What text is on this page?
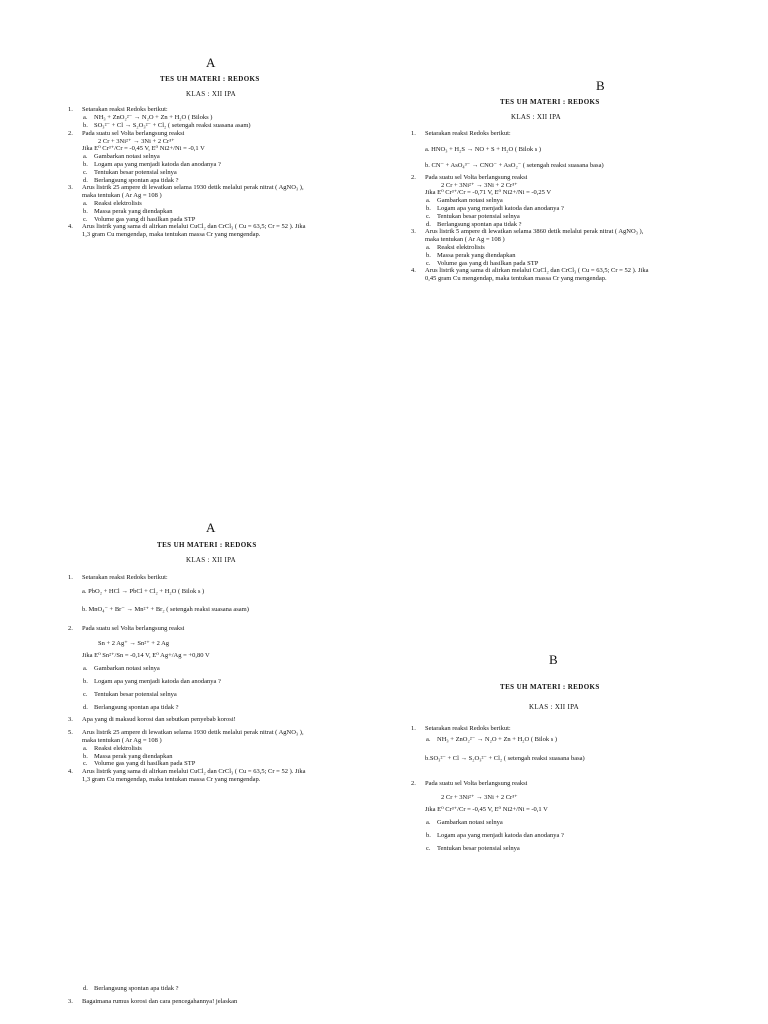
A

TES UH MATERI : REDOKS

KLAS : XII IPA

1. Setarakan reaksi Redoks berikut:

a. NH₃ + ZnO₂²⁻ → N₂O + Zn + H₂O ( Biloks )

b. SO₃²⁻ + Cl → S₂O₃²⁻ + Cl₂ ( setengah reaksi suasana asam)

2. Pada suatu sel Volta berlangsung reaksi

2 Cr + 3Ni²⁺ → 3Ni + 2 Cr³⁺

Jika E⁰ Cr³⁺/Cr = -0,45 V, E⁰ Ni2+/Ni = -0,1 V

a. Gambarkan notasi selnya

b. Logam apa yang menjadi katoda dan anodanya ?

c. Tentukan besar potensial selnya

d. Berlangsung spontan apa tidak ?

3. Arus listrik 25 ampere di lewatkan selama 1930 detik melalui perak nitrat ( AgNO₃ ),

maka tentukan ( Ar Ag = 108 )

a. Reaksi elektrolisis

b. Massa perak yang diendapkan

c. Volume gas yang di hasilkan pada STP

4. Arus listrik yang sama di alirkan melalui CuCl₂ dan CrCl₃ ( Cu = 63,5; Cr = 52 ). Jika

1,3 gram Cu mengendap, maka tentukan massa Cr yang mengendap.

B

TES UH MATERI : REDOKS

KLAS : XII IPA

1. Setarakan reaksi Redoks berikut:

a. HNO₃ + H₂S → NO + S + H₂O ( Bilok s )

b. CN⁻ + AsO₄³⁻ → CNO⁻ + AsO₂⁻ ( setengah reaksi suasana basa)

2. Pada suatu sel Volta berlangsung reaksi

2 Cr + 3Ni²⁺ → 3Ni + 2 Cr³⁺

Jika E⁰ Cr³⁺/Cr = -0,71 V, E⁰ Ni2+/Ni = -0,25 V

a. Gambarkan notasi selnya

b. Logam apa yang menjadi katoda dan anodanya ?

c. Tentukan besar potensial selnya

d. Berlangsung spontan apa tidak ?

3. Arus listrik 5 ampere di lewatkan selama 3860 detik melalui perak nitrat ( AgNO₃ ),

maka tentukan ( Ar Ag = 108 )

a. Reaksi elektrolisis

b. Massa perak yang diendapkan

c. Volume gas yang di hasilkan pada STP

4. Arus listrik yang sama di alirkan melalui CuCl₂ dan CrCl₃ ( Cu = 63,5; Cr = 52 ). Jika

0,45 gram Cu mengendap, maka tentukan massa Cr yang mengendap.

A

TES UH MATERI : REDOKS

KLAS : XII IPA

1. Setarakan reaksi Redoks berikut:

a. PbO₂ + HCl → PbCl + Cl₂ + H₂O ( Bilok s )

b. MnO₄⁻ + Br⁻ → Mn²⁺ + Br₂ ( setengah reaksi suasana asam)

2. Pada suatu sel Volta berlangsung reaksi

Sn + 2 Ag⁺ → Sn²⁺ + 2 Ag

Jika E⁰ Sn²⁺/Sn = -0,14 V, E⁰ Ag+/Ag = +0,80 V

a. Gambarkan notasi selnya

b. Logam apa yang menjadi katoda dan anodanya ?

c. Tentukan besar potensial selnya

d. Berlangsung spontan apa tidak ?

3. Apa yang di maksud korosi dan sebutkan penyebab korosi!

5. Arus listrik 25 ampere di lewatkan selama 1930 detik melalui perak nitrat ( AgNO₃ ),

maka tentukan ( Ar Ag = 108 )

a. Reaksi elektrolisis

b. Massa perak yang diendapkan

c. Volume gas yang di hasilkan pada STP

4. Arus listrik yang sama di alirkan melalui CuCl₂ dan CrCl₃ ( Cu = 63,5; Cr = 52 ). Jika

1,3 gram Cu mengendap, maka tentukan massa Cr yang mengendap.

B

TES UH MATERI : REDOKS

KLAS : XII IPA

1. Setarakan reaksi Redoks berikut:

a. NH₃ + ZnO₂²⁻ → N₂O + Zn + H₂O ( Bilok s )

b.SO₃²⁻ + Cl → S₂O₃²⁻ + Cl₂ ( setengah reaksi suasana basa)

2. Pada suatu sel Volta berlangsung reaksi

2 Cr + 3Ni²⁺ → 3Ni + 2 Cr³⁺

Jika E⁰ Cr³⁺/Cr = -0,45 V, E⁰ Ni2+/Ni = -0,1 V

a. Gambarkan notasi selnya

b. Logam apa yang menjadi katoda dan anodanya ?

c. Tentukan besar potensial selnya

d. Berlangsung spontan apa tidak ?

3. Bagaimana rumus korosi dan cara pencegahannya! jelaskan
